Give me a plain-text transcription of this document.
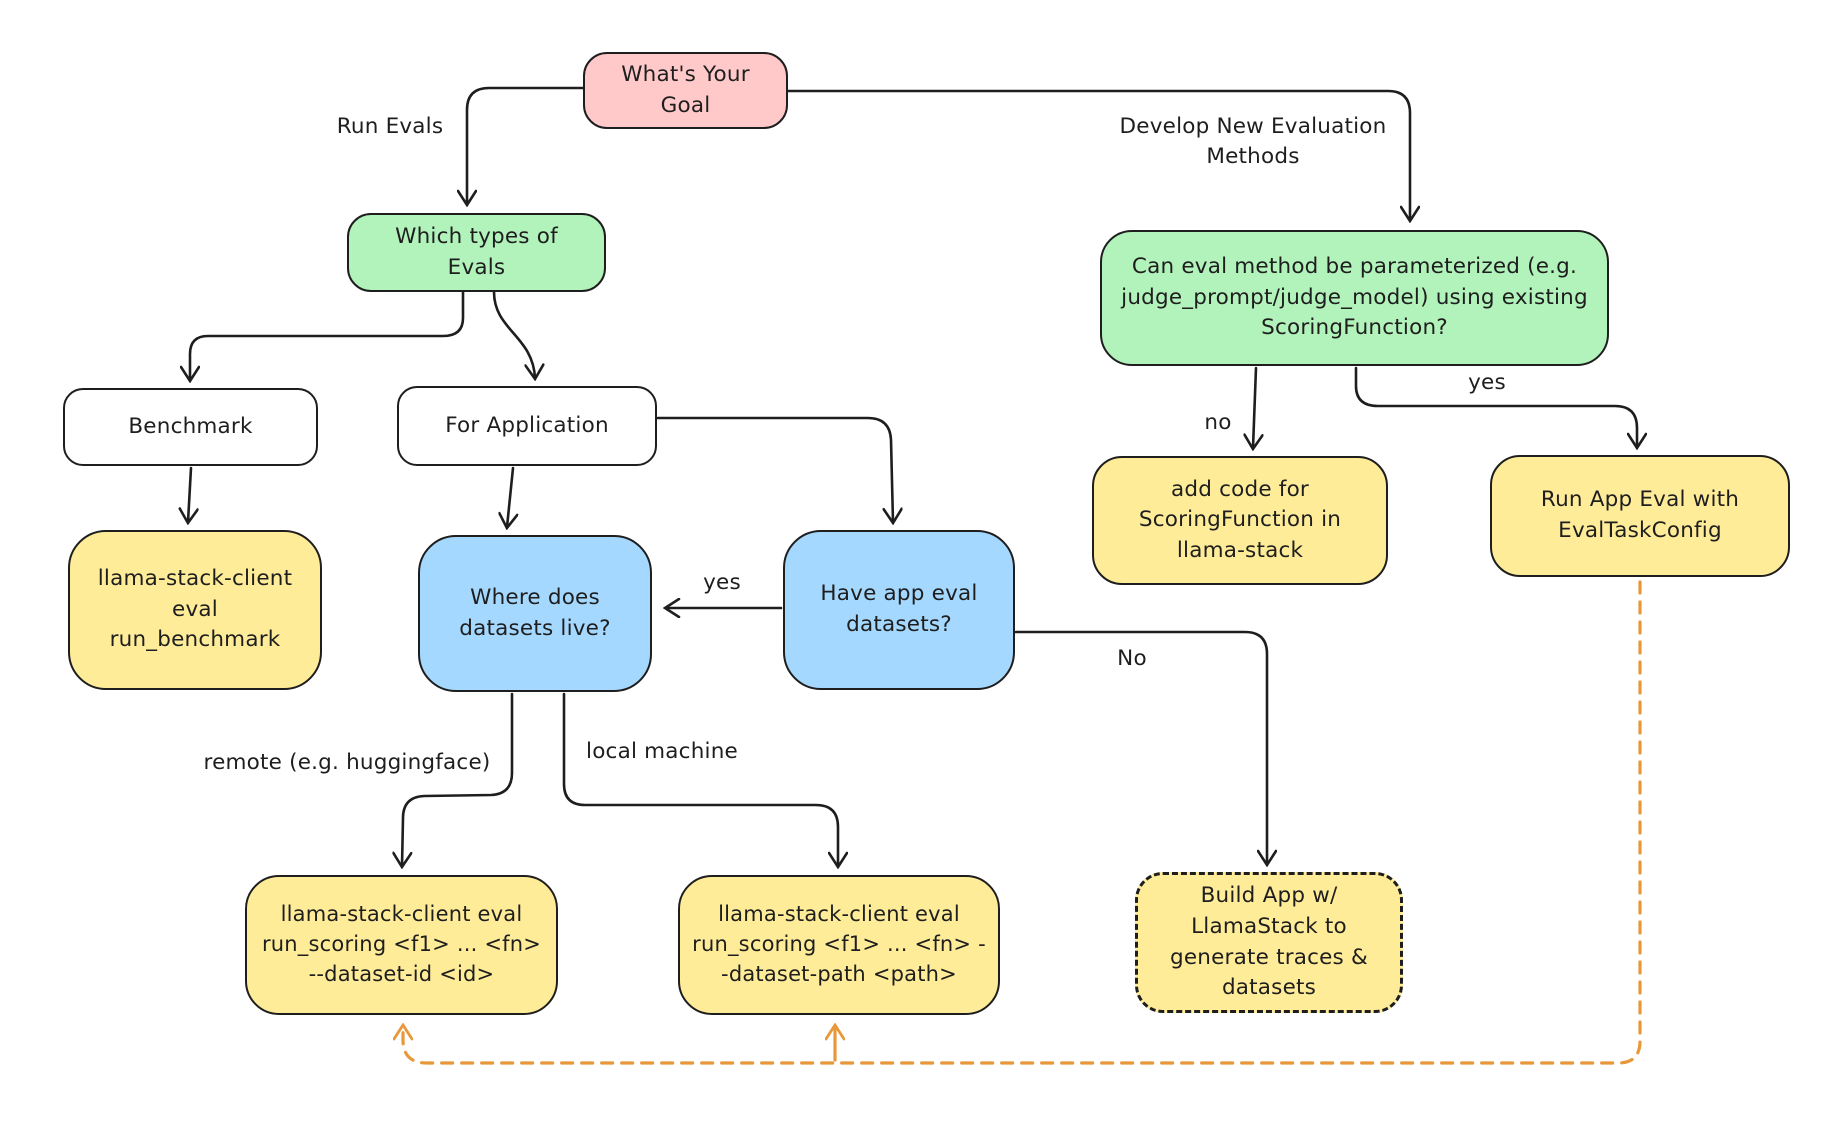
What's Your Goal
Which types of Evals
Benchmark	For Application
llama-stack-client eval run_benchmark
Where does datasets live?
Have app eval datasets?
Can eval method be parameterized (e.g. judge_prompt/judge_model) using existing ScoringFunction?
add code for ScoringFunction in llama-stack
Run App Eval with EvalTaskConfig
llama-stack-client eval run_scoring <f1> ... <fn> --dataset-id <id>
llama-stack-client eval run_scoring <f1> ... <fn> --dataset-path <path>
Build App w/ LlamaStack to generate traces & datasets
Run Evals	Develop New Evaluation Methods
yes
no
yes
No
remote (e.g. huggingface)	local machine
